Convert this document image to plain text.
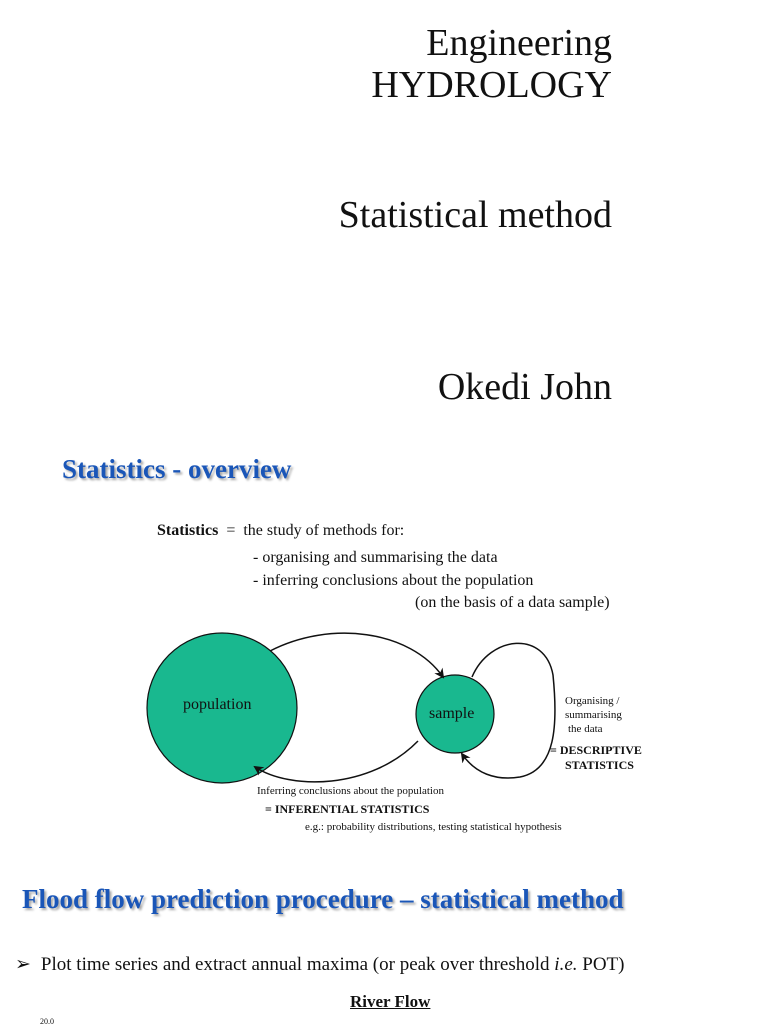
Engineering
HYDROLOGY
Statistical method
Okedi John
Statistics - overview
Statistics = the study of methods for:
- organising and summarising the data
- inferring conclusions about the population
(on the basis of a data sample)
population
sample
Organising /
summarising
the data
= DESCRIPTIVE
STATISTICS
Inferring conclusions about the population
= INFERENTIAL STATISTICS
e.g.: probability distributions, testing statistical hypothesis
Flood flow prediction procedure – statistical method
➢ Plot time series and extract annual maxima (or peak over threshold i.e. POT)
River Flow
20.0
